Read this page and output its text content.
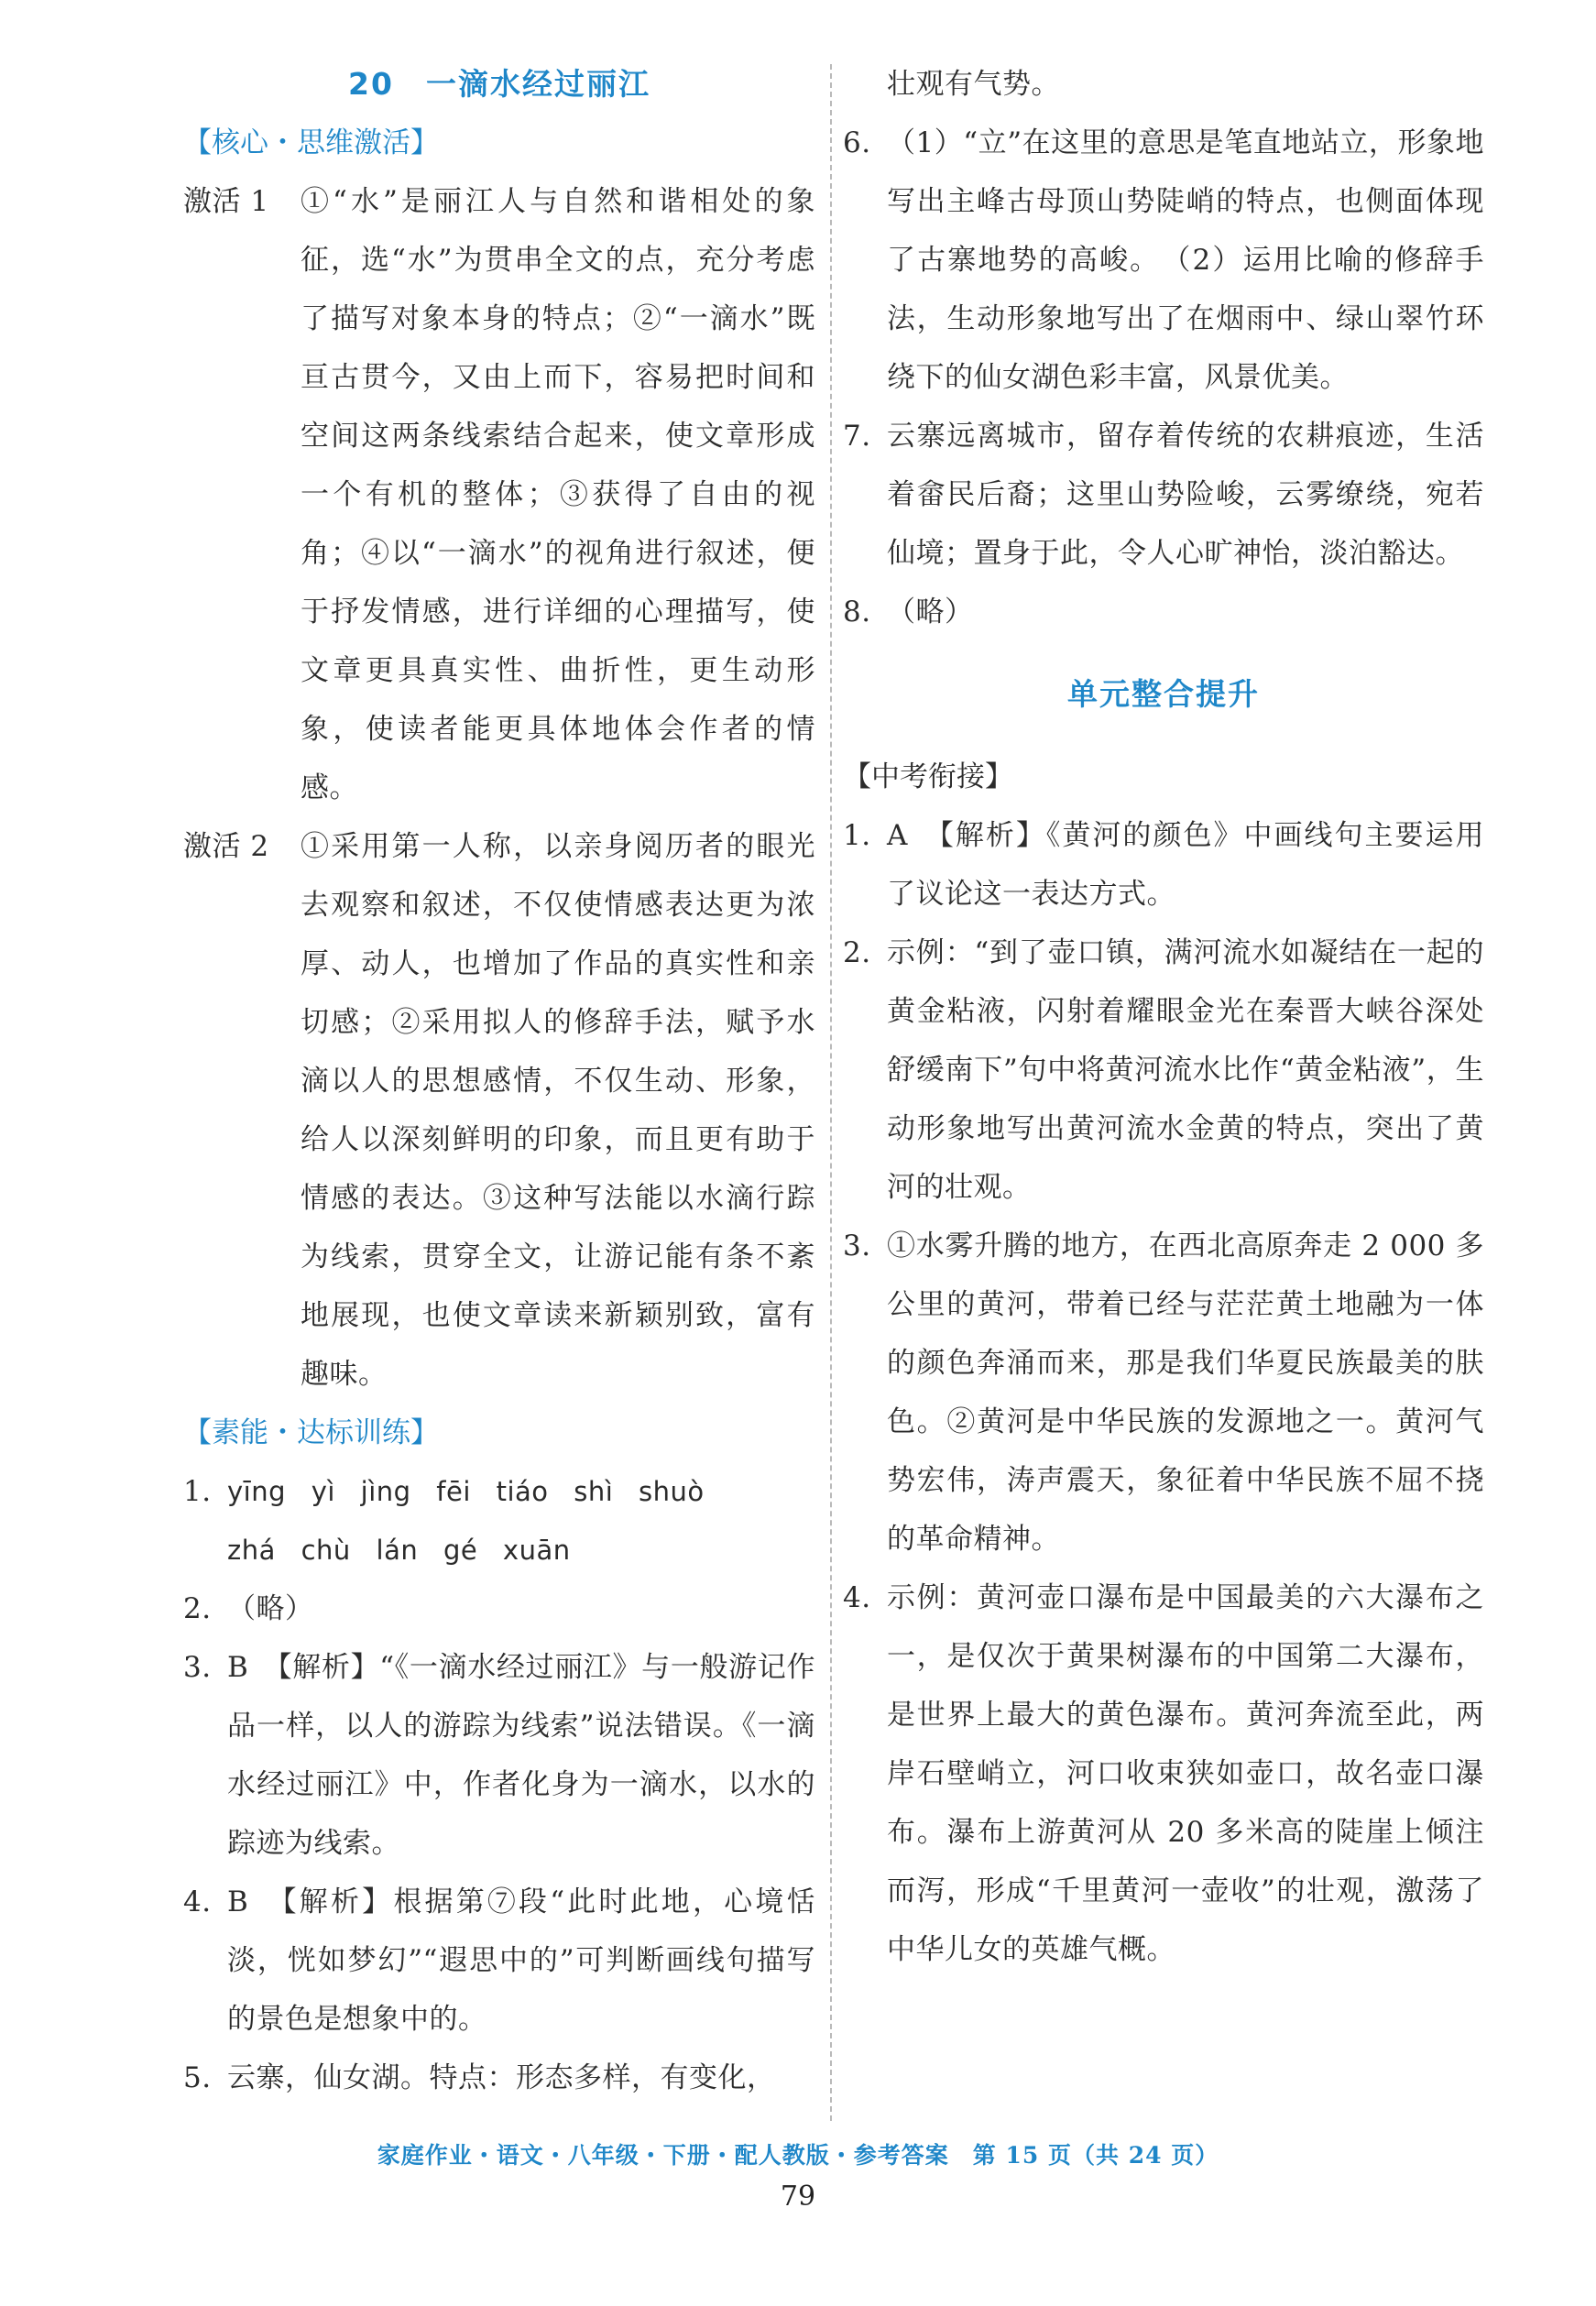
20　一滴水经过丽江
【核心・思维激活】
激活 1	①“水”是丽江人与自然和谐相处的象征，选“水”为贯串全文的点，充分考虑了描写对象本身的特点；②“一滴水”既亘古贯今，又由上而下，容易把时间和空间这两条线索结合起来，使文章形成一个有机的整体；③获得了自由的视角；④以“一滴水”的视角进行叙述，便于抒发情感，进行详细的心理描写，使文章更具真实性、曲折性，更生动形象，使读者能更具体地体会作者的情感。
激活 2	①采用第一人称，以亲身阅历者的眼光去观察和叙述，不仅使情感表达更为浓厚、动人，也增加了作品的真实性和亲切感；②采用拟人的修辞手法，赋予水滴以人的思想感情，不仅生动、形象，给人以深刻鲜明的印象，而且更有助于情感的表达。③这种写法能以水滴行踪为线索，贯穿全文，让游记能有条不紊地展现，也使文章读来新颖别致，富有趣味。
【素能・达标训练】
1. yīng yì jìng fēi tiáo shì shuò
zhá chù lán gé xuān
2. （略）
3. B　【解析】“《一滴水经过丽江》与一般游记作品一样，以人的游踪为线索”说法错误。《一滴水经过丽江》中，作者化身为一滴水，以水的踪迹为线索。
4. B　【解析】根据第⑦段“此时此地，心境恬淡，恍如梦幻”“遐思中的”可判断画线句描写的景色是想象中的。
5. 云寨，仙女湖。特点：形态多样，有变化，
壮观有气势。
6. （1）“立”在这里的意思是笔直地站立，形象地写出主峰古母顶山势陡峭的特点，也侧面体现了古寨地势的高峻。　（2）运用比喻的修辞手法，生动形象地写出了在烟雨中、绿山翠竹环绕下的仙女湖色彩丰富，风景优美。
7. 云寨远离城市，留存着传统的农耕痕迹，生活着畲民后裔；这里山势险峻，云雾缭绕，宛若仙境；置身于此，令人心旷神怡，淡泊豁达。
8. （略）
单元整合提升
【中考衔接】
1. A　【解析】《黄河的颜色》中画线句主要运用了议论这一表达方式。
2. 示例：“到了壶口镇，满河流水如凝结在一起的黄金粘液，闪射着耀眼金光在秦晋大峡谷深处舒缓南下”句中将黄河流水比作“黄金粘液”，生动形象地写出黄河流水金黄的特点，突出了黄河的壮观。
3. ①水雾升腾的地方，在西北高原奔走 2 000 多公里的黄河，带着已经与茫茫黄土地融为一体的颜色奔涌而来，那是我们华夏民族最美的肤色。②黄河是中华民族的发源地之一。黄河气势宏伟，涛声震天，象征着中华民族不屈不挠的革命精神。
4. 示例：黄河壶口瀑布是中国最美的六大瀑布之一，是仅次于黄果树瀑布的中国第二大瀑布，是世界上最大的黄色瀑布。黄河奔流至此，两岸石壁峭立，河口收束狭如壶口，故名壶口瀑布。瀑布上游黄河从 20 多米高的陡崖上倾注而泻，形成“千里黄河一壶收”的壮观，激荡了中华儿女的英雄气概。
家庭作业・语文・八年级・下册・配人教版・参考答案　第 15 页（共 24 页）
79
